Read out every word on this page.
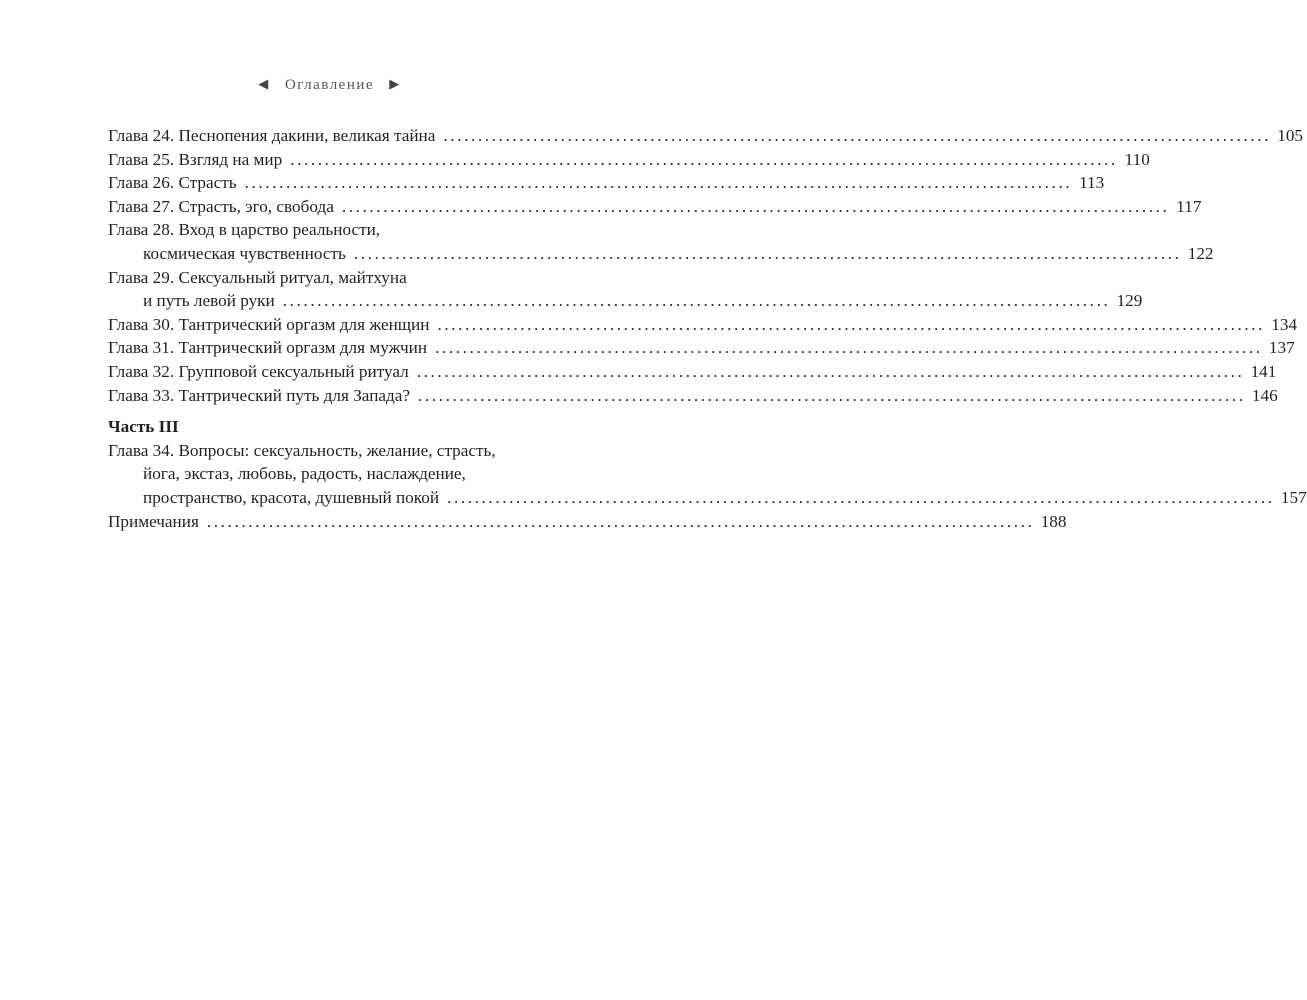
◀ Оглавление ▶
Глава 24. Песнопения дакини, великая тайна ........................................................................................................................ 105
Глава 25. Взгляд на мир ........................................................................................................................ 110
Глава 26. Страсть ........................................................................................................................ 113
Глава 27. Страсть, эго, свобода ........................................................................................................................ 117
Глава 28. Вход в царство реальности,
космическая чувственность ........................................................................................................................ 122
Глава 29. Сексуальный ритуал, майтхуна
и путь левой руки ........................................................................................................................ 129
Глава 30. Тантрический оргазм для женщин ........................................................................................................................ 134
Глава 31. Тантрический оргазм для мужчин ........................................................................................................................ 137
Глава 32. Групповой сексуальный ритуал ........................................................................................................................ 141
Глава 33. Тантрический путь для Запада? ........................................................................................................................ 146
Часть III
Глава 34. Вопросы: сексуальность, желание, страсть,
йога, экстаз, любовь, радость, наслаждение,
пространство, красота, душевный покой ........................................................................................................................ 157
Примечания ........................................................................................................................ 188
